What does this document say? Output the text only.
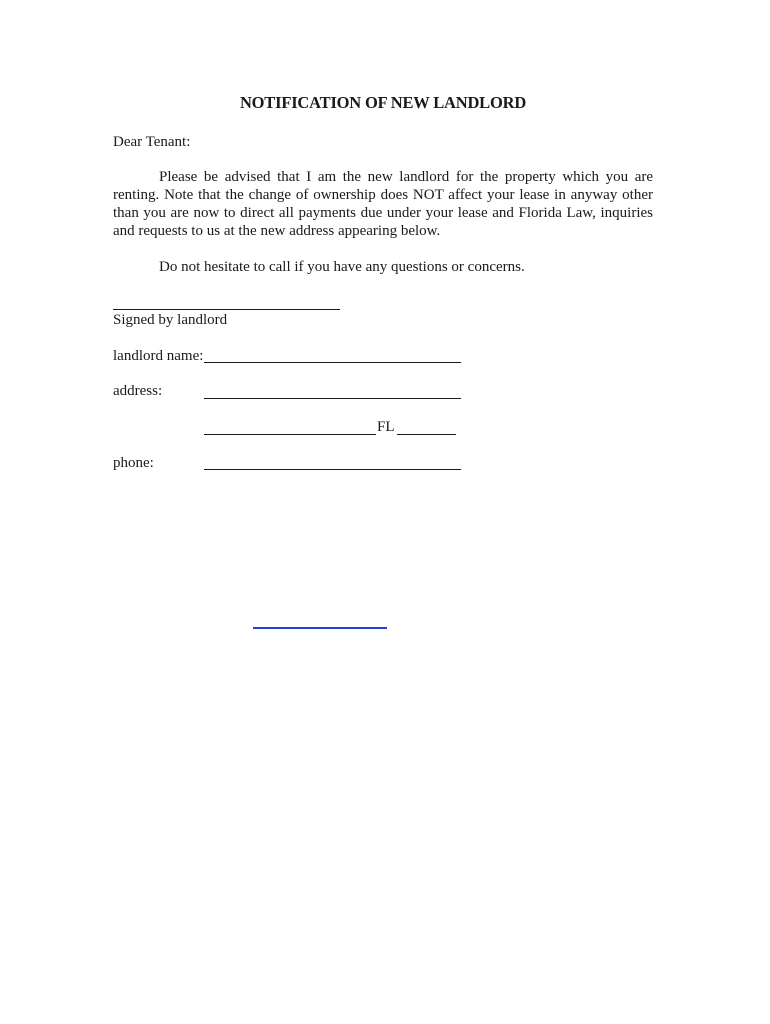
NOTIFICATION OF NEW LANDLORD
Dear Tenant:
Please be advised that I am the new landlord for the property which you are renting. Note that the change of ownership does NOT affect your lease in anyway other than you are now to direct all payments due under your lease and Florida Law, inquiries and requests to us at the new address appearing below.
Do not hesitate to call if you have any questions or concerns.
Signed by landlord
landlord name:
address:
FL
phone:
